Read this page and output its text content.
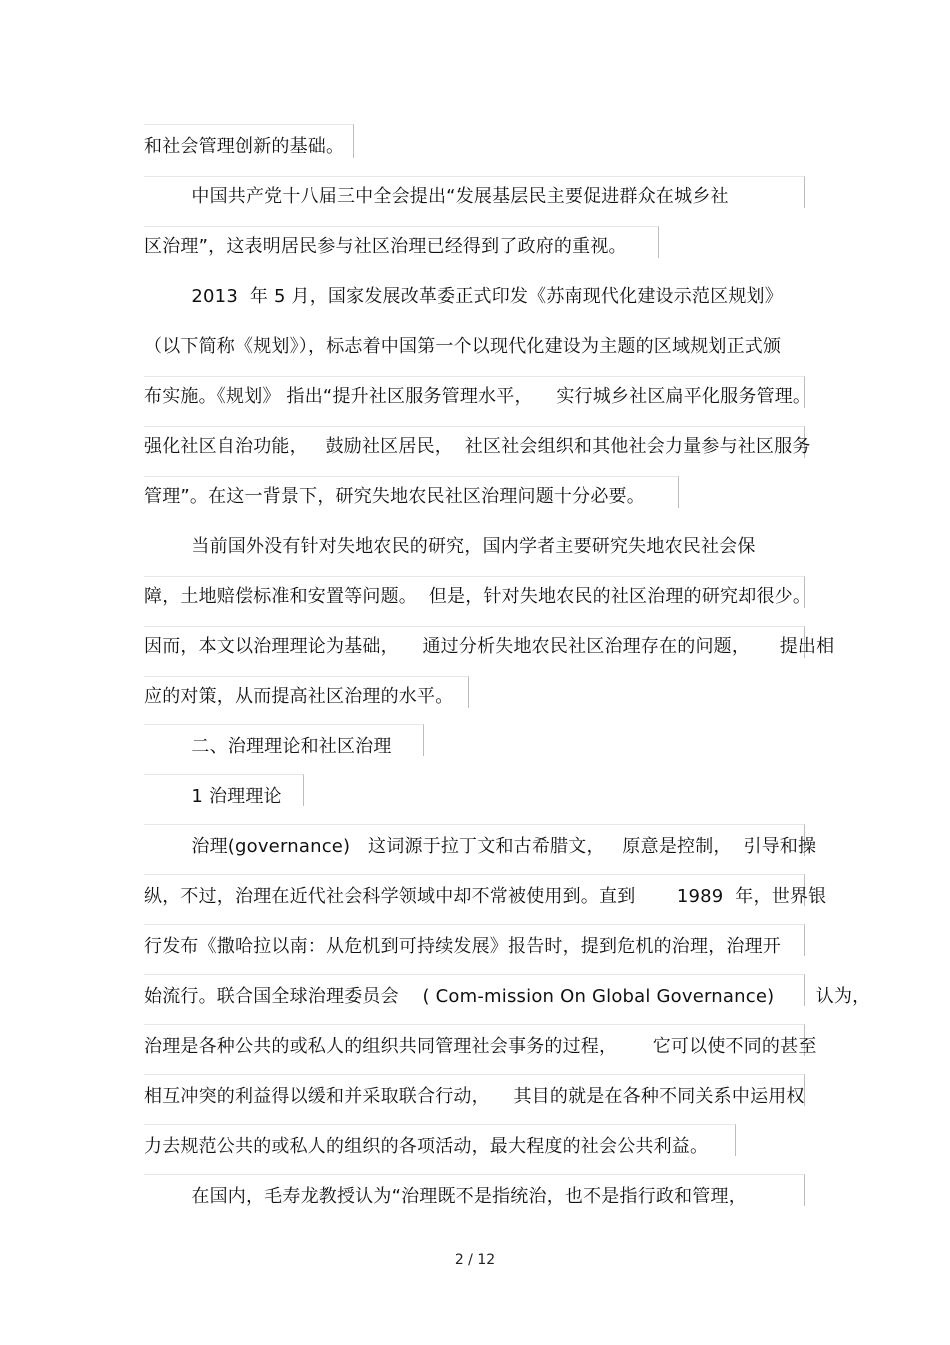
和社会管理创新的基础。
中国共产党十八届三中全会提出“发展基层民主要促进群众在城乡社
区治理”，这表明居民参与社区治理已经得到了政府的重视。
2013  年 5 月，国家发展改革委正式印发《苏南现代化建设示范区规划》
（以下简称《规划》），标志着中国第一个以现代化建设为主题的区域规划正式颁
布实施。《规划》 指出“提升社区服务管理水平，    实行城乡社区扁平化服务管理。
强化社区自治功能，   鼓励社区居民，  社区社会组织和其他社会力量参与社区服务
管理”。在这一背景下，研究失地农民社区治理问题十分必要。
当前国外没有针对失地农民的研究，国内学者主要研究失地农民社会保
障，土地赔偿标准和安置等问题。  但是，针对失地农民的社区治理的研究却很少。
因而，本文以治理理论为基础，    通过分析失地农民社区治理存在的问题，     提出相
应的对策，从而提高社区治理的水平。
二、治理理论和社区治理
1 治理理论
治理(governance)   这词源于拉丁文和古希腊文，   原意是控制，  引导和操
纵，不过，治理在近代社会科学领域中却不常被使用到。直到       1989  年，世界银
行发布《撒哈拉以南：从危机到可持续发展》报告时，提到危机的治理，治理开
始流行。联合国全球治理委员会    ( Com-mission On Global Governance)       认为，
治理是各种公共的或私人的组织共同管理社会事务的过程，      它可以使不同的甚至
相互冲突的利益得以缓和并采取联合行动，    其目的就是在各种不同关系中运用权
力去规范公共的或私人的组织的各项活动，最大程度的社会公共利益。
在国内，毛寿龙教授认为“治理既不是指统治，也不是指行政和管理，
2 / 12
